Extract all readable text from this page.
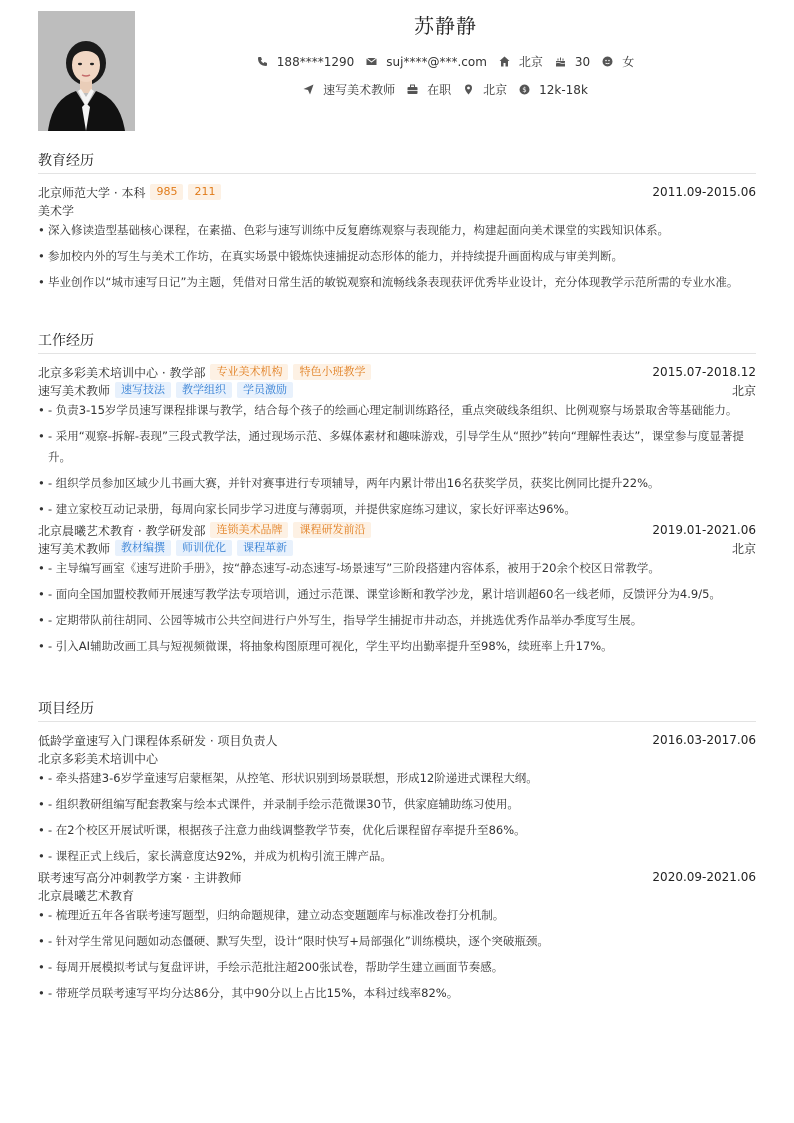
苏静静
188****1290	suj****@***.com	北京	30	女
速写美术教师	在职	北京 $ 12k-18k
教育经历
北京师范大学 · 本科	985	211	2011.09-2015.06
美术学
• 深入修读造型基础核心课程，在素描、色彩与速写训练中反复磨练观察与表现能力，构建起面向美术课堂的实践知识体系。
• 参加校内外的写生与美术工作坊，在真实场景中锻炼快速捕捉动态形体的能力，并持续提升画面构成与审美判断。
• 毕业创作以“城市速写日记”为主题，凭借对日常生活的敏锐观察和流畅线条表现获评优秀毕业设计，充分体现教学示范所需的专业水准。
工作经历
北京多彩美术培训中心 · 教学部	专业美术机构	特色小班教学	2015.07-2018.12
速写美术教师	速写技法	教学组织	学员激励	北京
• - 负责3-15岁学员速写课程排课与教学，结合每个孩子的绘画心理定制训练路径，重点突破线条组织、比例观察与场景取舍等基础能力。
• - 采用“观察-拆解-表现”三段式教学法，通过现场示范、多媒体素材和趣味游戏，引导学生从“照抄”转向“理解性表达”，课堂参与度显著提升。
• - 组织学员参加区域少儿书画大赛，并针对赛事进行专项辅导，两年内累计带出16名获奖学员，获奖比例同比提升22%。
• - 建立家校互动记录册，每周向家长同步学习进度与薄弱项，并提供家庭练习建议，家长好评率达96%。
北京晨曦艺术教育 · 教学研发部	连锁美术品牌	课程研发前沿	2019.01-2021.06
速写美术教师	教材编撰	师训优化	课程革新	北京
• - 主导编写画室《速写进阶手册》，按“静态速写-动态速写-场景速写”三阶段搭建内容体系，被用于20余个校区日常教学。
• - 面向全国加盟校教师开展速写教学法专项培训，通过示范课、课堂诊断和教学沙龙，累计培训超60名一线老师，反馈评分为4.9/5。
• - 定期带队前往胡同、公园等城市公共空间进行户外写生，指导学生捕捉市井动态，并挑选优秀作品举办季度写生展。
• - 引入AI辅助改画工具与短视频微课，将抽象构图原理可视化，学生平均出勤率提升至98%，续班率上升17%。
项目经历
低龄学童速写入门课程体系研发 · 项目负责人	2016.03-2017.06
北京多彩美术培训中心
• - 牵头搭建3-6岁学童速写启蒙框架，从控笔、形状识别到场景联想，形成12阶递进式课程大纲。
• - 组织教研组编写配套教案与绘本式课件，并录制手绘示范微课30节，供家庭辅助练习使用。
• - 在2个校区开展试听课，根据孩子注意力曲线调整教学节奏，优化后课程留存率提升至86%。
• - 课程正式上线后，家长满意度达92%，并成为机构引流王牌产品。
联考速写高分冲刺教学方案 · 主讲教师	2020.09-2021.06
北京晨曦艺术教育
• - 梳理近五年各省联考速写题型，归纳命题规律，建立动态变题题库与标准改卷打分机制。
• - 针对学生常见问题如动态僵硬、默写失型，设计“限时快写+局部强化”训练模块，逐个突破瓶颈。
• - 每周开展模拟考试与复盘评讲，手绘示范批注超200张试卷，帮助学生建立画面节奏感。
• - 带班学员联考速写平均分达86分，其中90分以上占比15%，本科过线率82%。
